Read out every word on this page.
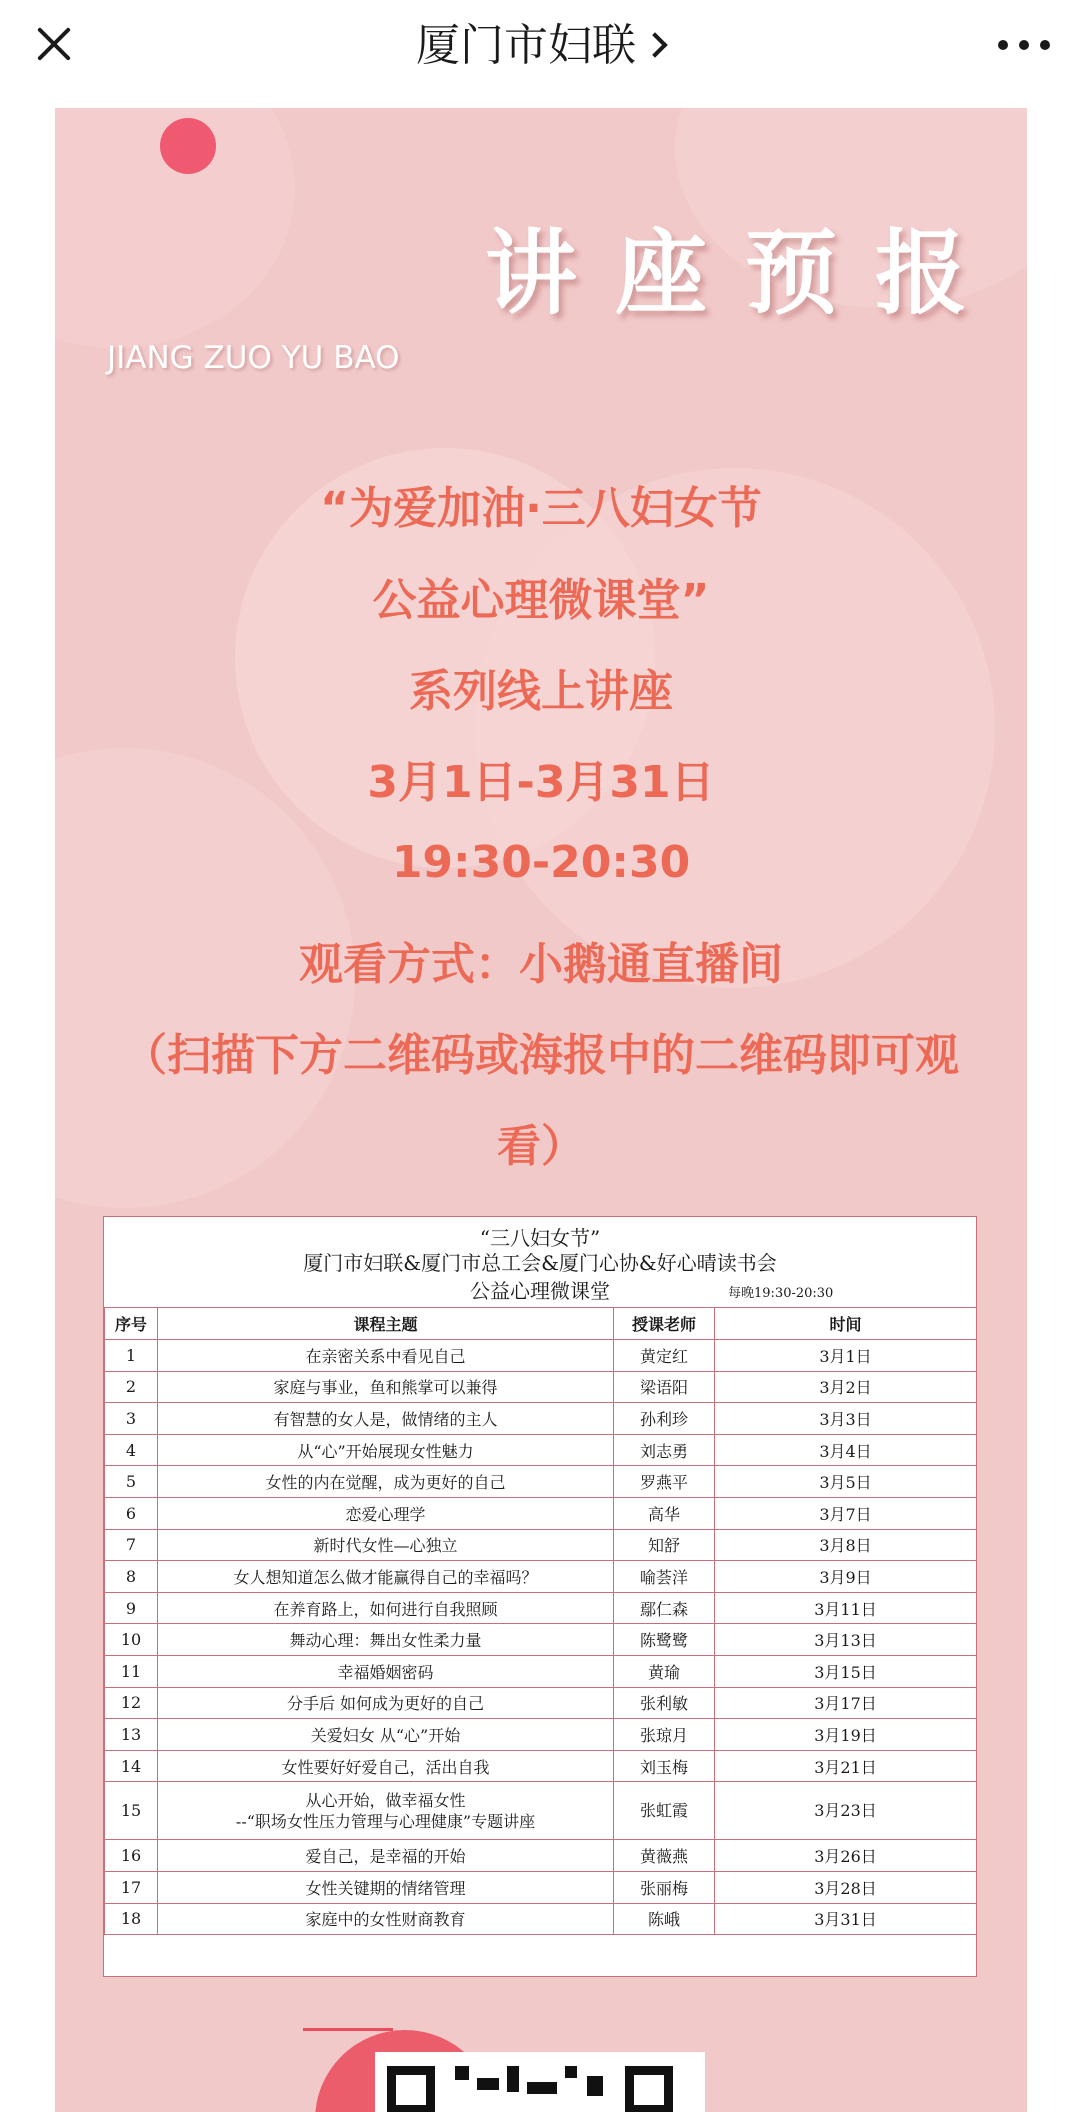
厦门市妇联
讲座预报
JIANG ZUO YU BAO
“为爱加油·三八妇女节
公益心理微课堂”
系列线上讲座
3月1日-3月31日
19:30-20:30
观看方式：小鹅通直播间
（扫描下方二维码或海报中的二维码即可观
看）
“三八妇女节”
厦门市妇联&厦门市总工会&厦门心协&好心晴读书会
公益心理微课堂	每晚19:30-20:30
序号	课程主题	授课老师	时间
1	在亲密关系中看见自己	黄定红	3月1日
2	家庭与事业，鱼和熊掌可以兼得	梁语阳	3月2日
3	有智慧的女人是，做情绪的主人	孙利珍	3月3日
4	从“心”开始展现女性魅力	刘志勇	3月4日
5	女性的内在觉醒，成为更好的自己	罗燕平	3月5日
6	恋爱心理学	高华	3月7日
7	新时代女性—心独立	知舒	3月8日
8	女人想知道怎么做才能赢得自己的幸福吗？	喻荟洋	3月9日
9	在养育路上，如何进行自我照顾	鄢仁森	3月11日
10	舞动心理：舞出女性柔力量	陈鹭鹭	3月13日
11	幸福婚姻密码	黄瑜	3月15日
12	分手后 如何成为更好的自己	张利敏	3月17日
13	关爱妇女 从“心”开始	张琼月	3月19日
14	女性要好好爱自己，活出自我	刘玉梅	3月21日
15	从心开始，做幸福女性
--“职场女性压力管理与心理健康”专题讲座	张虹霞	3月23日
16	爱自己，是幸福的开始	黄薇燕	3月26日
17	女性关键期的情绪管理	张丽梅	3月28日
18	家庭中的女性财商教育	陈峨	3月31日
